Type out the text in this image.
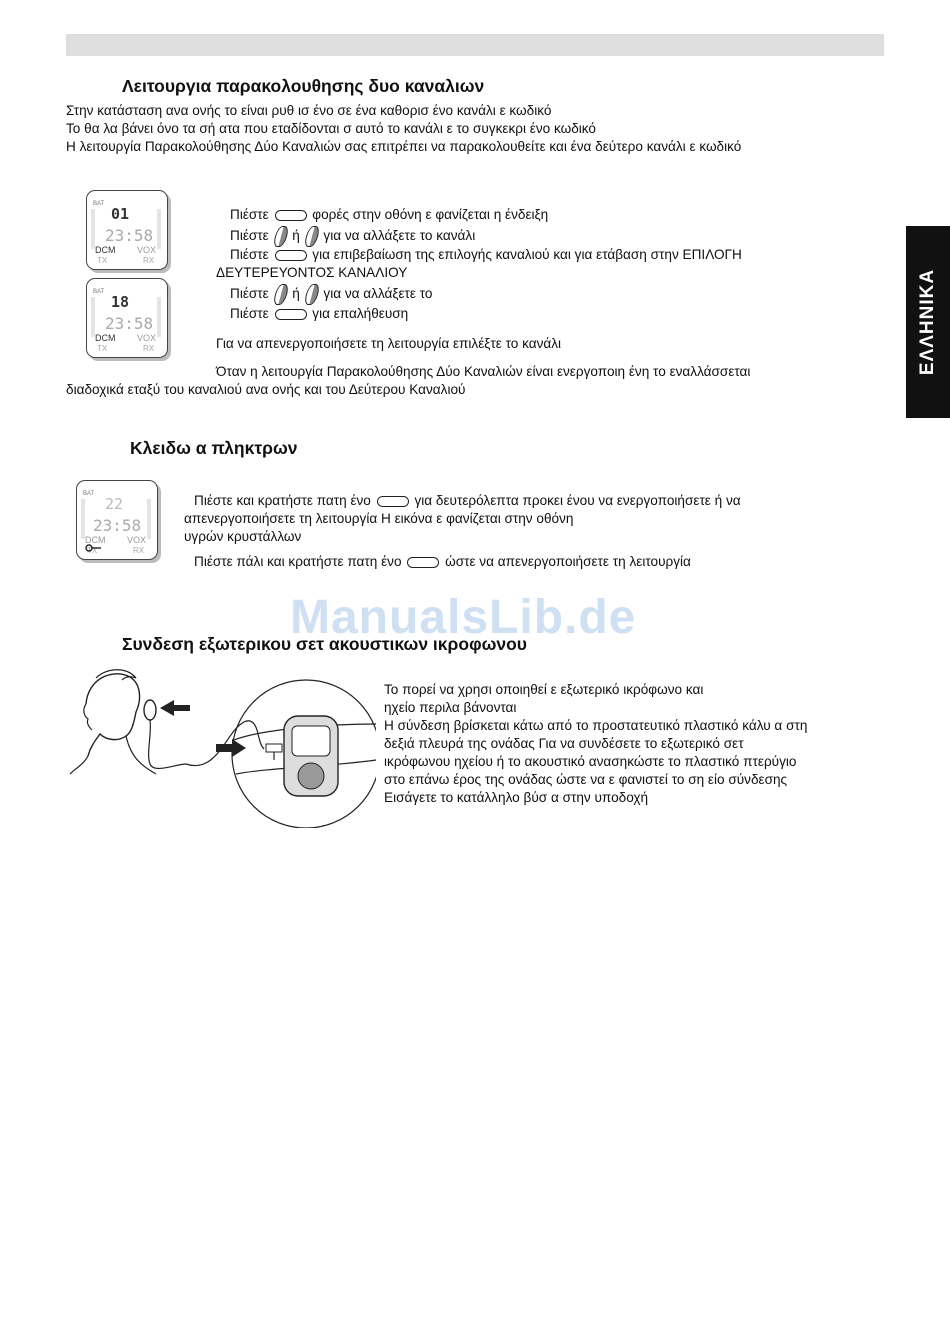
ΕΛΛΗΝΙΚΑ
ManualsLib.de
Λειτουργια παρακολουθησης δυο καναλιων
Στην κατάσταση ανα ονής το είναι ρυθ ισ ένο σε ένα καθορισ ένο κανάλι ε κωδικό
Το θα λα βάνει όνο τα σή ατα που εταδίδονται σ αυτό το κανάλι ε το συγκεκρι ένο κωδικό
Η λειτουργία Παρακολούθησης Δύο Καναλιών σας επιτρέπει να παρακολουθείτε και ένα δεύτερο κανάλι ε κωδικό
BAT
01
23:58
DCM VOX
TX	RX
BAT
18
23:58
DCM VOX
TX	RX
Πιέστε	φορές στην οθόνη ε φανίζεται η ένδειξη
Πιέστε ή για να αλλάξετε το κανάλι
Πιέστε	για επιβεβαίωση της επιλογής καναλιού και για ετάβαση στην ΕΠΙΛΟΓΗ
ΔΕΥΤΕΡΕΥΟΝΤΟΣ ΚΑΝΑΛΙΟΥ
Πιέστε ή για να αλλάξετε το
Πιέστε	για επαλήθευση
Για να απενεργοποιήσετε τη λειτουργία επιλέξτε το κανάλι
Όταν η λειτουργία Παρακολούθησης Δύο Καναλιών είναι ενεργοποιη ένη το εναλλάσσεται
διαδοχικά εταξύ του καναλιού ανα ονής και του Δεύτερου Καναλιού
Κλειδω α πληκτρων
BAT
22
23:58
DCM VOX
TX	RX
Πιέστε και κρατήστε πατη ένο	για δευτερόλεπτα προκει ένου να ενεργοποιήσετε ή να
απενεργοποιήσετε τη λειτουργία Η εικόνα ε φανίζεται στην οθόνη
υγρών κρυστάλλων
Πιέστε πάλι και κρατήστε πατη ένο	ώστε να απενεργοποιήσετε τη λειτουργία
Συνδεση εξωτερικου σετ ακουστικων ικροφωνου
Το πορεί να χρησι οποιηθεί ε εξωτερικό ικρόφωνο και
ηχείο περιλα βάνονται
Η σύνδεση βρίσκεται κάτω από το προστατευτικό πλαστικό κάλυ α στη
δεξιά πλευρά της ονάδας Για να συνδέσετε το εξωτερικό σετ
ικρόφωνου ηχείου ή το ακουστικό ανασηκώστε το πλαστικό πτερύγιο
στο επάνω έρος της ονάδας ώστε να ε φανιστεί το ση είο σύνδεσης
Εισάγετε το κατάλληλο βύσ α στην υποδοχή
